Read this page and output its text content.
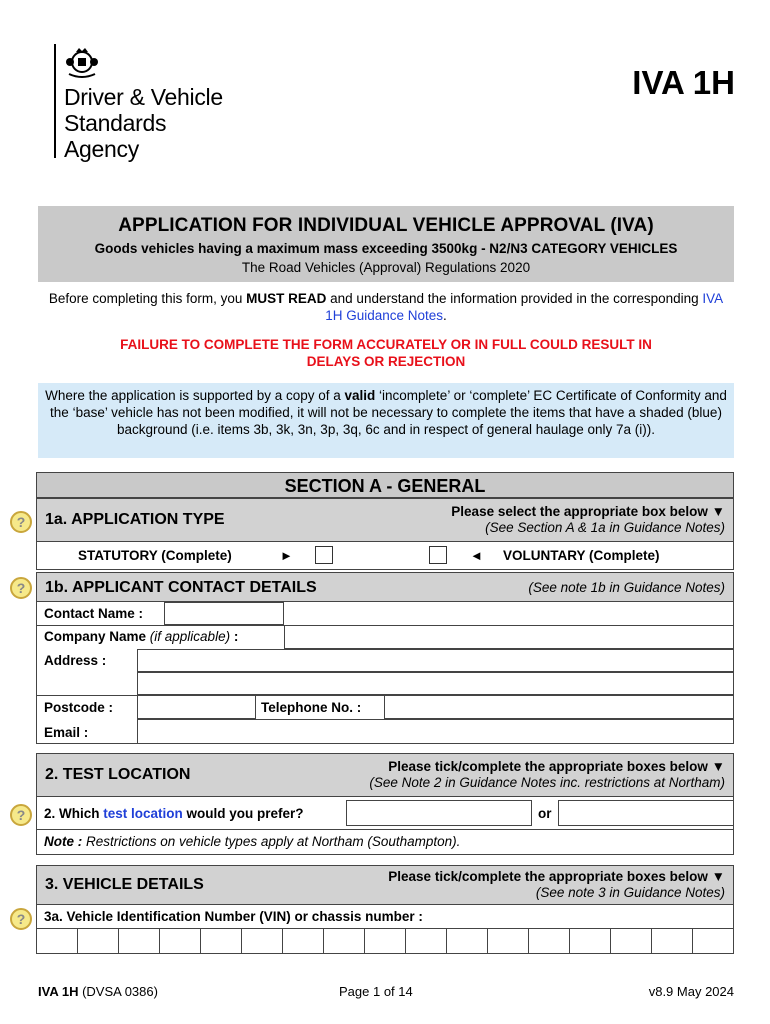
Driver & Vehicle
Standards
Agency
IVA 1H
APPLICATION FOR INDIVIDUAL VEHICLE APPROVAL (IVA)
Goods vehicles having a maximum mass exceeding 3500kg - N2/N3 CATEGORY VEHICLES
The Road Vehicles (Approval) Regulations 2020
Before completing this form, you MUST READ and understand the information provided in the corresponding IVA 1H Guidance Notes.
FAILURE TO COMPLETE THE FORM ACCURATELY OR IN FULL COULD RESULT IN
DELAYS OR REJECTION
Where the application is supported by a copy of a valid ‘incomplete’ or ‘complete’ EC Certificate of Conformity and the ‘base’ vehicle has not been modified, it will not be necessary to complete the items that have a shaded (blue) background (i.e. items 3b, 3k, 3n, 3p, 3q, 6c and in respect of general haulage only 7a (i)).
SECTION A - GENERAL
?	1a. APPLICATION TYPE	Please select the appropriate box below ▼
(See Section A & 1a in Guidance Notes)
STATUTORY (Complete)	►	◄ VOLUNTARY (Complete)
?	1b. APPLICANT CONTACT DETAILS	(See note 1b in Guidance Notes)
Contact Name :
Company Name (if applicable) :
Address :
Postcode :	Telephone No. :
Email :
2. TEST LOCATION	Please tick/complete the appropriate boxes below ▼
(See Note 2 in Guidance Notes inc. restrictions at Northam)
?	2. Which test location would you prefer?	or
Note : Restrictions on vehicle types apply at Northam (Southampton).
3. VEHICLE DETAILS	Please tick/complete the appropriate boxes below ▼
(See note 3 in Guidance Notes)
?	3a. Vehicle Identification Number (VIN) or chassis number :
IVA 1H (DVSA 0386)	Page 1 of 14	v8.9 May 2024
